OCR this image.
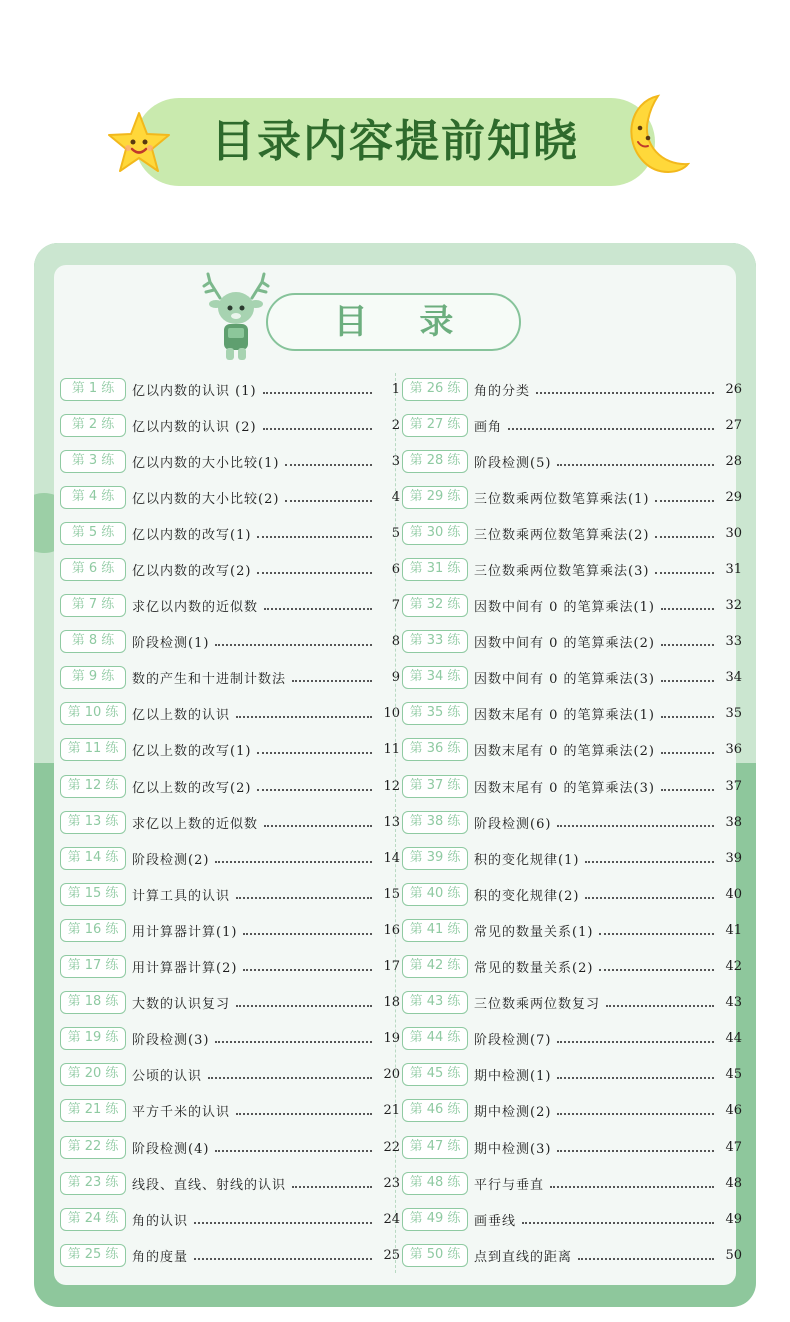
目录内容提前知晓
目 录
第 1 练	亿以内数的认识 (1)	1
第 2 练	亿以内数的认识 (2)	2
第 3 练	亿以内数的大小比较(1)	3
第 4 练	亿以内数的大小比较(2)	4
第 5 练	亿以内数的改写(1)	5
第 6 练	亿以内数的改写(2)	6
第 7 练	求亿以内数的近似数	7
第 8 练	阶段检测(1)	8
第 9 练	数的产生和十进制计数法	9
第 10 练	亿以上数的认识	10
第 11 练	亿以上数的改写(1)	11
第 12 练	亿以上数的改写(2)	12
第 13 练	求亿以上数的近似数	13
第 14 练	阶段检测(2)	14
第 15 练	计算工具的认识	15
第 16 练	用计算器计算(1)	16
第 17 练	用计算器计算(2)	17
第 18 练	大数的认识复习	18
第 19 练	阶段检测(3)	19
第 20 练	公顷的认识	20
第 21 练	平方千米的认识	21
第 22 练	阶段检测(4)	22
第 23 练	线段、直线、射线的认识	23
第 24 练	角的认识	24
第 25 练	角的度量	25
第 26 练	角的分类	26
第 27 练	画角	27
第 28 练	阶段检测(5)	28
第 29 练	三位数乘两位数笔算乘法(1)	29
第 30 练	三位数乘两位数笔算乘法(2)	30
第 31 练	三位数乘两位数笔算乘法(3)	31
第 32 练	因数中间有 0 的笔算乘法(1)	32
第 33 练	因数中间有 0 的笔算乘法(2)	33
第 34 练	因数中间有 0 的笔算乘法(3)	34
第 35 练	因数末尾有 0 的笔算乘法(1)	35
第 36 练	因数末尾有 0 的笔算乘法(2)	36
第 37 练	因数末尾有 0 的笔算乘法(3)	37
第 38 练	阶段检测(6)	38
第 39 练	积的变化规律(1)	39
第 40 练	积的变化规律(2)	40
第 41 练	常见的数量关系(1)	41
第 42 练	常见的数量关系(2)	42
第 43 练	三位数乘两位数复习	43
第 44 练	阶段检测(7)	44
第 45 练	期中检测(1)	45
第 46 练	期中检测(2)	46
第 47 练	期中检测(3)	47
第 48 练	平行与垂直	48
第 49 练	画垂线	49
第 50 练	点到直线的距离	50
